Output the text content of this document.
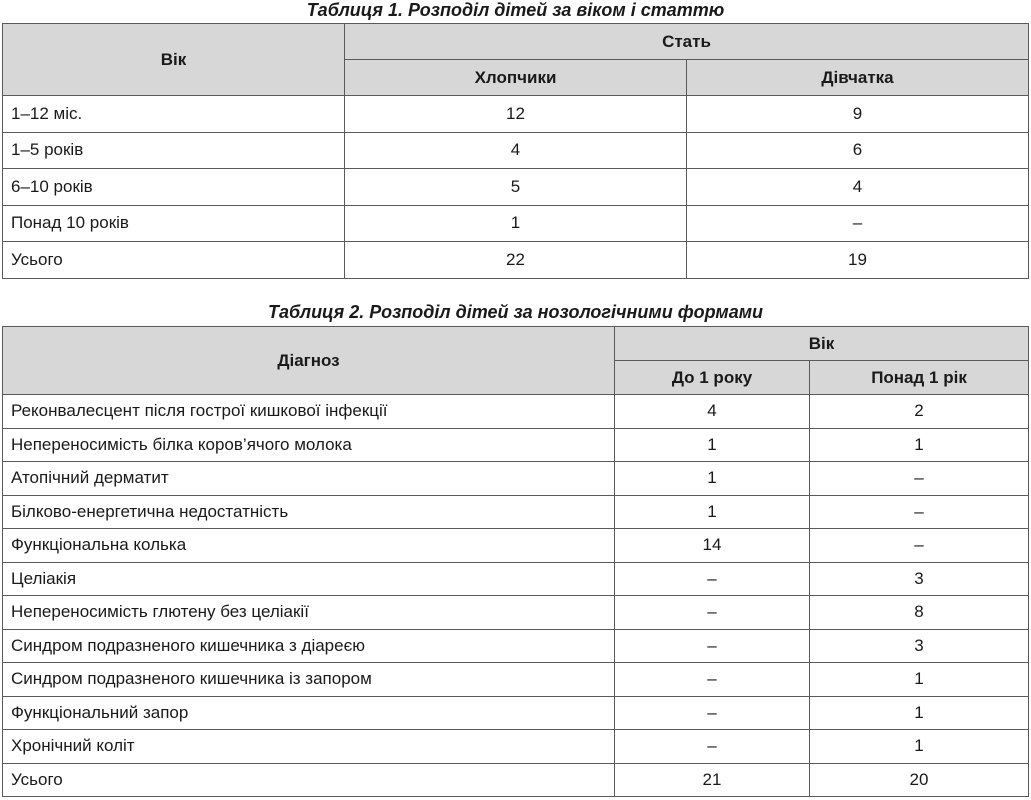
Таблиця 1. Розподіл дітей за віком і статтю
Вік	Стать	
	Хлопчики	Дівчатка
1–12 міс.	12	9
1–5 років	4	6
6–10 років	5	4
Понад 10 років	1	–
Усього	22	19
Таблиця 2. Розподіл дітей за нозологічними формами
Діагноз	Вік	
	До 1 року	Понад 1 рік
Реконвалесцент після гострої кишкової інфекції	4	2
Непереносимість білка коров’ячого молока	1	1
Атопічний дерматит	1	–
Білково-енергетична недостатність	1	–
Функціональна колька	14	–
Целіакія	–	3
Непереносимість глютену без целіакії	–	8
Синдром подразненого кишечника з діареєю	–	3
Синдром подразненого кишечника із запором	–	1
Функціональний запор	–	1
Хронічний коліт	–	1
Усього	21	20
